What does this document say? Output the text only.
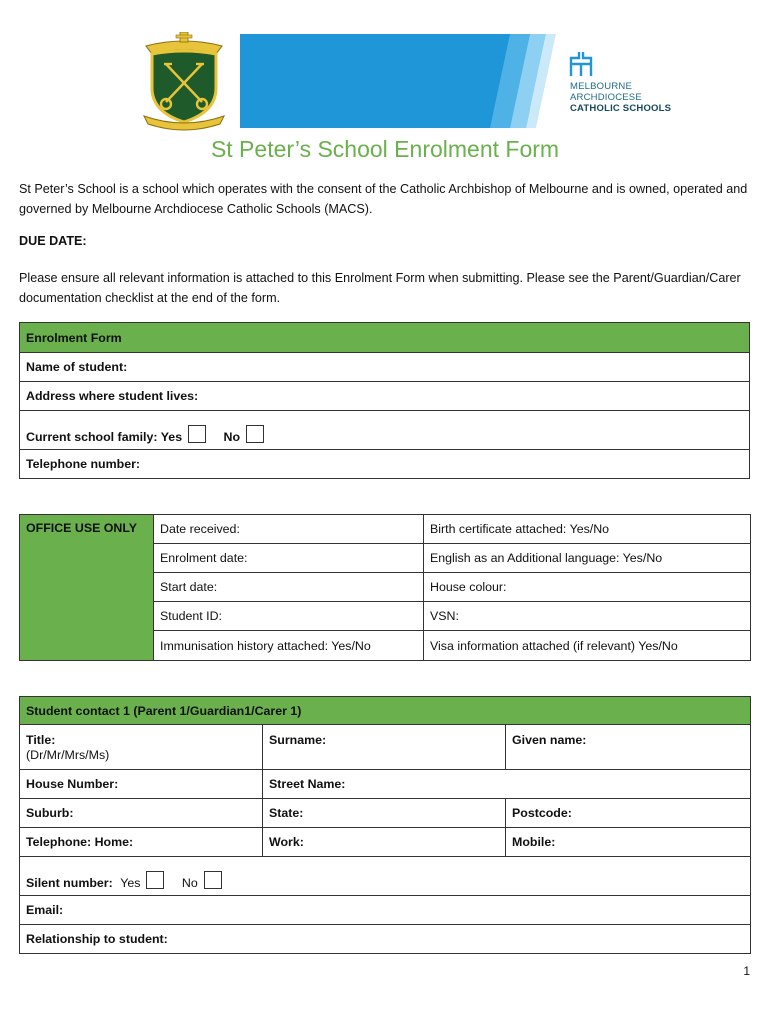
MELBOURNE
ARCHDIOCESE
CATHOLIC SCHOOLS
St Peter’s School Enrolment Form
St Peter’s School is a school which operates with the consent of the Catholic Archbishop of Melbourne and is owned, operated and governed by Melbourne Archdiocese Catholic Schools (MACS).
DUE DATE:
Please ensure all relevant information is attached to this Enrolment Form when submitting. Please see the Parent/Guardian/Carer documentation checklist at the end of the form.
Enrolment Form
Name of student:
Address where student lives:
Current school family: Yes	No
Telephone number:
OFFICE USE ONLY	Date received:	Birth certificate attached: Yes/No
	Enrolment date:	English as an Additional language: Yes/No
	Start date:	House colour:
	Student ID:	VSN:
	Immunisation history attached: Yes/No	Visa information attached (if relevant) Yes/No
Student contact 1 (Parent 1/Guardian1/Carer 1)		

Title:
(Dr/Mr/Mrs/Ms)	Surname:	Given name:
House Number:	Street Name:	
Suburb:	State:	Postcode:
Telephone: Home:	Work:	Mobile:
Silent number: Yes No		
Email:		
Relationship to student:		
1
